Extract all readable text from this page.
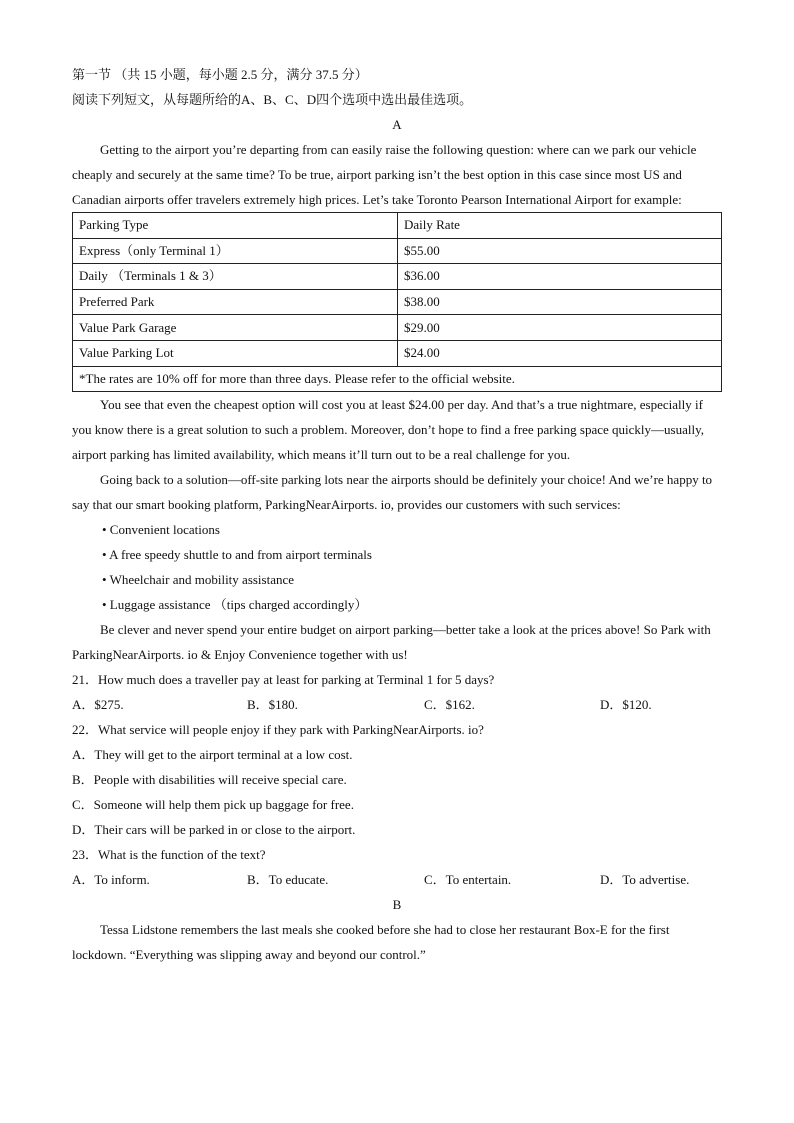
第一节 （共 15 小题，每小题 2.5 分，满分 37.5 分）
阅读下列短文，从每题所给的A、B、C、D四个选项中选出最佳选项。
A
Getting to the airport you’re departing from can easily raise the following question: where can we park our vehicle cheaply and securely at the same time? To be true, airport parking isn’t the best option in this case since most US and Canadian airports offer travelers extremely high prices. Let’s take Toronto Pearson International Airport for example:
Parking Type	Daily Rate
Express（only Terminal 1）	$55.00
Daily （Terminals 1 & 3）	$36.00
Preferred Park	$38.00
Value Park Garage	$29.00
Value Parking Lot	$24.00
*The rates are 10% off for more than three days. Please refer to the official website.	
You see that even the cheapest option will cost you at least $24.00 per day. And that’s a true nightmare, especially if you know there is a great solution to such a problem. Moreover, don’t hope to find a free parking space quickly—usually, airport parking has limited availability, which means it’ll turn out to be a real challenge for you.
Going back to a solution—off-site parking lots near the airports should be definitely your choice! And we’re happy to say that our smart booking platform, ParkingNearAirports. io, provides our customers with such services:
• Convenient locations
• A free speedy shuttle to and from airport terminals
• Wheelchair and mobility assistance
• Luggage assistance （tips charged accordingly）
Be clever and never spend your entire budget on airport parking—better take a look at the prices above! So Park with ParkingNearAirports. io & Enjoy Convenience together with us!
21．How much does a traveller pay at least for parking at Terminal 1 for 5 days?
A．$275.	B．$180.	C．$162.	D．$120.
22．What service will people enjoy if they park with ParkingNearAirports. io?
A．They will get to the airport terminal at a low cost.
B．People with disabilities will receive special care.
C．Someone will help them pick up baggage for free.
D．Their cars will be parked in or close to the airport.
23．What is the function of the text?
A．To inform.	B．To educate.	C．To entertain.	D．To advertise.
B
Tessa Lidstone remembers the last meals she cooked before she had to close her restaurant Box-E for the first lockdown. “Everything was slipping away and beyond our control.”
